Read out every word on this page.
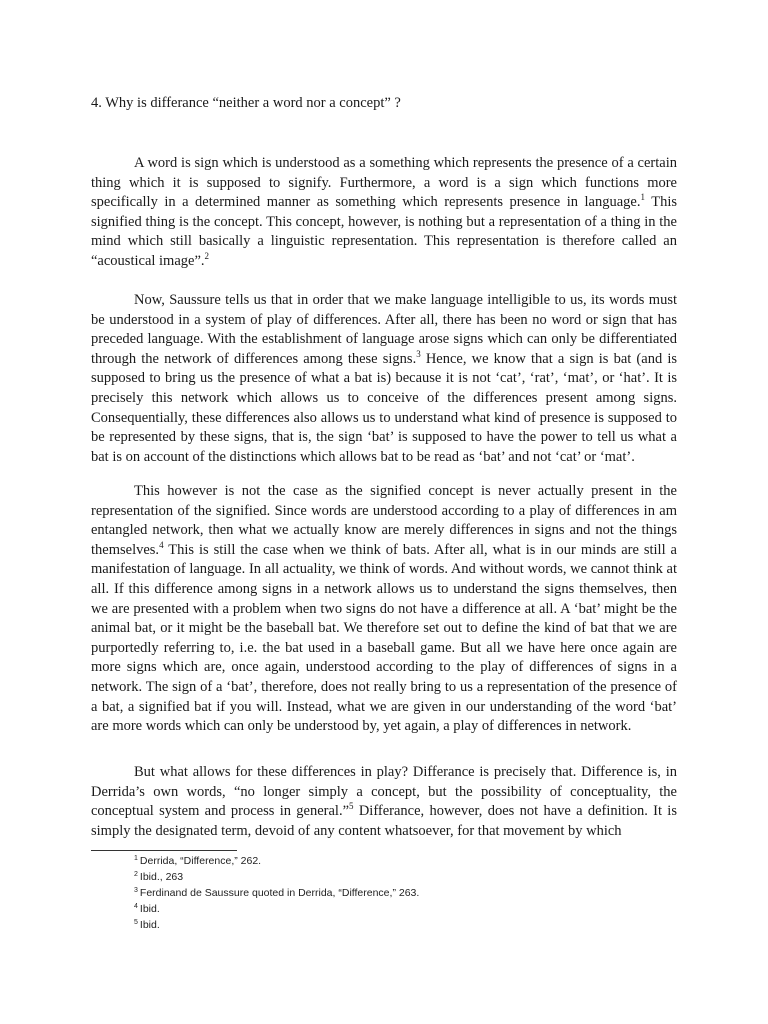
4. Why is differance “neither a word nor a concept” ?

A word is sign which is understood as a something which represents the presence of a certain thing which it is supposed to signify. Furthermore, a word is a sign which functions more specifically in a determined manner as something which represents presence in language.$^1$ This signified thing is the concept. This concept, however, is nothing but a representation of a thing in the mind which still basically a linguistic representation. This representation is therefore called an “acoustical image”.$^2$

Now, Saussure tells us that in order that we make language intelligible to us, its words must be understood in a system of play of differences. After all, there has been no word or sign that has preceded language. With the establishment of language arose signs which can only be differentiated through the network of differences among these signs.$^3$ Hence, we know that a sign is bat (and is supposed to bring us the presence of what a bat is) because it is not ‘cat’, ‘rat’, ‘mat’, or ‘hat’. It is precisely this network which allows us to conceive of the differences present among signs. Consequentially, these differences also allows us to understand what kind of presence is supposed to be represented by these signs, that is, the sign ‘bat’ is supposed to have the power to tell us what a bat is on account of the distinctions which allows bat to be read as ‘bat’ and not ‘cat’ or ‘mat’.

This however is not the case as the signified concept is never actually present in the representation of the signified. Since words are understood according to a play of differences in am entangled network, then what we actually know are merely differences in signs and not the things themselves.$^4$ This is still the case when we think of bats. After all, what is in our minds are still a manifestation of language. In all actuality, we think of words. And without words, we cannot think at all. If this difference among signs in a network allows us to understand the signs themselves, then we are presented with a problem when two signs do not have a difference at all. A ‘bat’ might be the animal bat, or it might be the baseball bat. We therefore set out to define the kind of bat that we are purportedly referring to, i.e. the bat used in a baseball game. But all we have here once again are more signs which are, once again, understood according to the play of differences of signs in a network. The sign of a ‘bat’, therefore, does not really bring to us a representation of the presence of a bat, a signified bat if you will. Instead, what we are given in our understanding of the word ‘bat’ are more words which can only be understood by, yet again, a play of differences in network.

But what allows for these differences in play? Differance is precisely that. Difference is, in Derrida’s own words, “no longer simply a concept, but the possibility of conceptuality, the conceptual system and process in general.”$^5$ Differance, however, does not have a definition. It is simply the designated term, devoid of any content whatsoever, for that movement by which

$^1$ Derrida, “Difference,” 262.
$^2$ Ibid., 263
$^3$ Ferdinand de Saussure quoted in Derrida, “Difference,” 263.
$^4$ Ibid.
$^5$ Ibid.
